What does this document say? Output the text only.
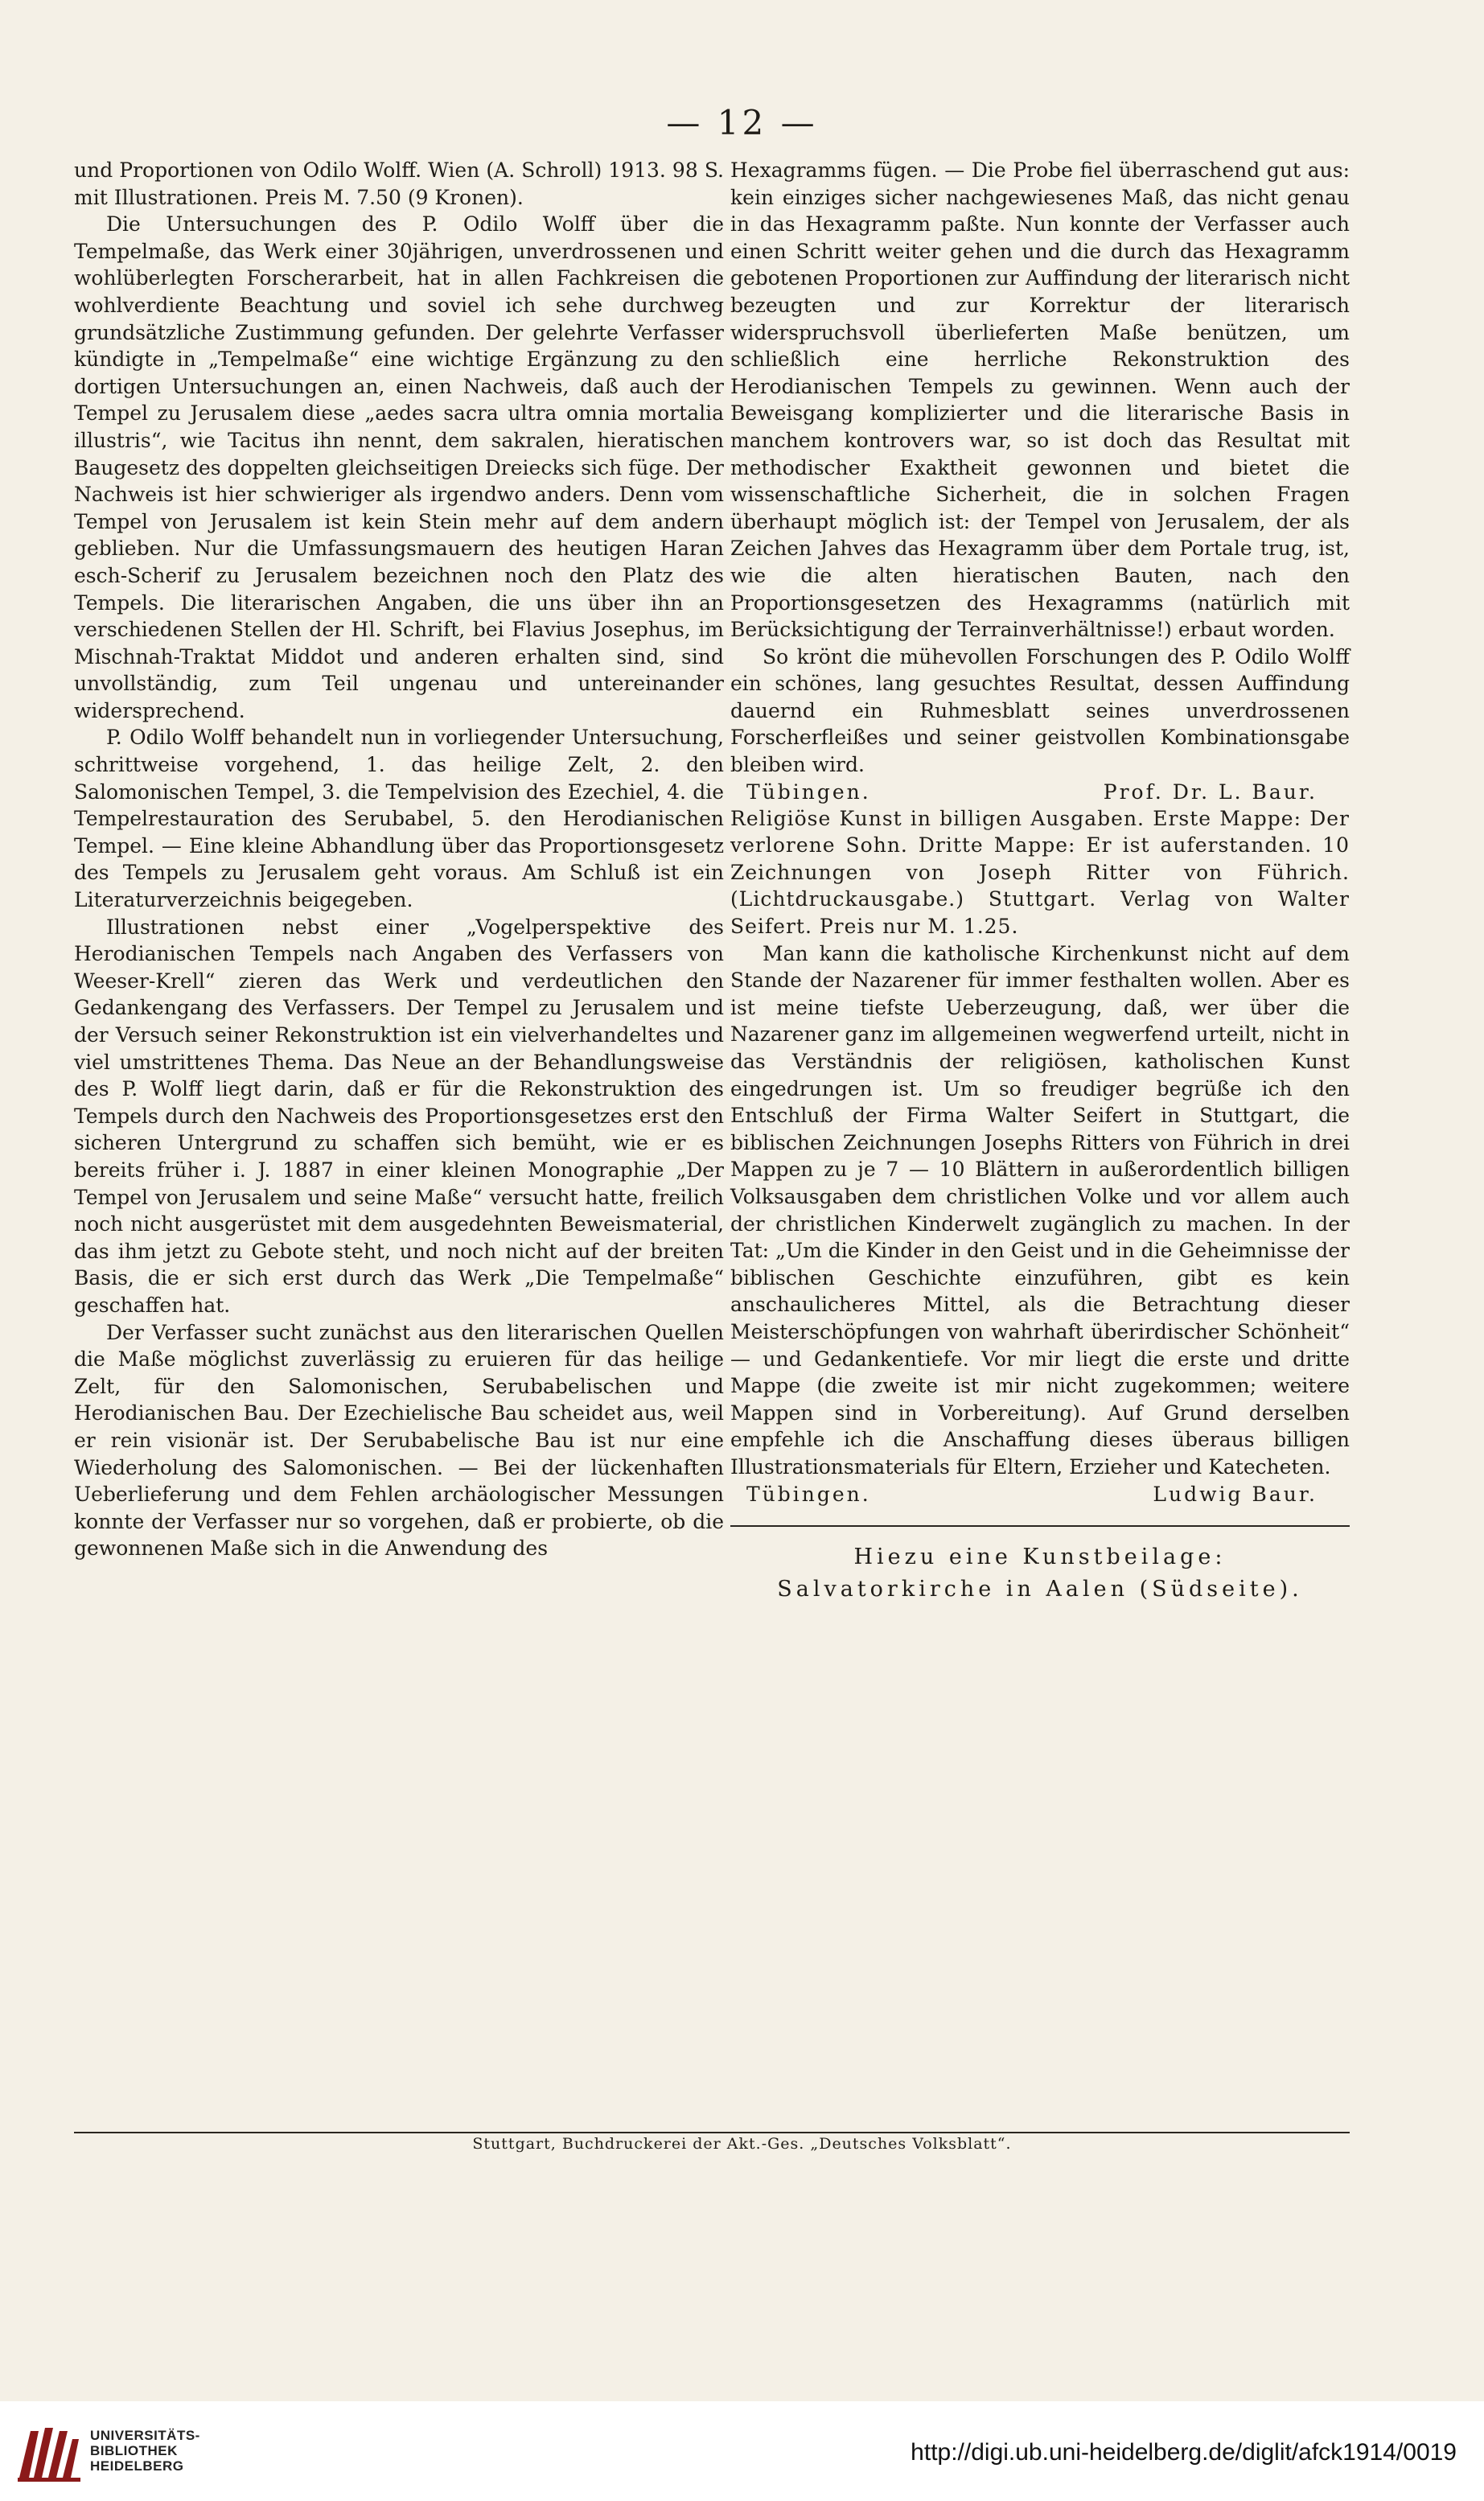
— 12 —

und Proportionen von Odilo Wolff. Wien (A. Schroll) 1913. 98 S. mit Illustrationen. Preis M. 7.50 (9 Kronen).

Die Untersuchungen des P. Odilo Wolff über die Tempelmaße, das Werk einer 30jährigen, unverdrossenen und wohlüberlegten Forscherarbeit, hat in allen Fachkreisen die wohlverdiente Beachtung und soviel ich sehe durchweg grundsätzliche Zustimmung gefunden. Der gelehrte Verfasser kündigte in „Tempelmaße“ eine wichtige Ergänzung zu den dortigen Untersuchungen an, einen Nachweis, daß auch der Tempel zu Jerusalem diese „aedes sacra ultra omnia mortalia illustris“, wie Tacitus ihn nennt, dem sakralen, hieratischen Baugesetz des doppelten gleichseitigen Dreiecks sich füge. Der Nachweis ist hier schwieriger als irgendwo anders. Denn vom Tempel von Jerusalem ist kein Stein mehr auf dem andern geblieben. Nur die Umfassungsmauern des heutigen Haran esch-Scherif zu Jerusalem bezeichnen noch den Platz des Tempels. Die literarischen Angaben, die uns über ihn an verschiedenen Stellen der Hl. Schrift, bei Flavius Josephus, im Mischnah-Traktat Middot und anderen erhalten sind, sind unvollständig, zum Teil ungenau und untereinander widersprechend.

P. Odilo Wolff behandelt nun in vorliegender Untersuchung, schrittweise vorgehend, 1. das heilige Zelt, 2. den Salomonischen Tempel, 3. die Tempelvision des Ezechiel, 4. die Tempelrestauration des Serubabel, 5. den Herodianischen Tempel. — Eine kleine Abhandlung über das Proportionsgesetz des Tempels zu Jerusalem geht voraus. Am Schluß ist ein Literaturverzeichnis beigegeben.

Illustrationen nebst einer „Vogelperspektive des Herodianischen Tempels nach Angaben des Verfassers von Weeser-Krell“ zieren das Werk und verdeutlichen den Gedankengang des Verfassers. Der Tempel zu Jerusalem und der Versuch seiner Rekonstruktion ist ein vielverhandeltes und viel umstrittenes Thema. Das Neue an der Behandlungsweise des P. Wolff liegt darin, daß er für die Rekonstruktion des Tempels durch den Nachweis des Proportionsgesetzes erst den sicheren Untergrund zu schaffen sich bemüht, wie er es bereits früher i. J. 1887 in einer kleinen Monographie „Der Tempel von Jerusalem und seine Maße“ versucht hatte, freilich noch nicht ausgerüstet mit dem ausgedehnten Beweismaterial, das ihm jetzt zu Gebote steht, und noch nicht auf der breiten Basis, die er sich erst durch das Werk „Die Tempelmaße“ geschaffen hat.

Der Verfasser sucht zunächst aus den literarischen Quellen die Maße möglichst zuverlässig zu eruieren für das heilige Zelt, für den Salomonischen, Serubabelischen und Herodianischen Bau. Der Ezechielische Bau scheidet aus, weil er rein visionär ist. Der Serubabelische Bau ist nur eine Wiederholung des Salomonischen. — Bei der lückenhaften Ueberlieferung und dem Fehlen archäologischer Messungen konnte der Verfasser nur so vorgehen, daß er probierte, ob die gewonnenen Maße sich in die Anwendung des

Hexagramms fügen. — Die Probe fiel überraschend gut aus: kein einziges sicher nachgewiesenes Maß, das nicht genau in das Hexagramm paßte. Nun konnte der Verfasser auch einen Schritt weiter gehen und die durch das Hexagramm gebotenen Proportionen zur Auffindung der literarisch nicht bezeugten und zur Korrektur der literarisch widerspruchsvoll überlieferten Maße benützen, um schließlich eine herrliche Rekonstruktion des Herodianischen Tempels zu gewinnen. Wenn auch der Beweisgang komplizierter und die literarische Basis in manchem kontrovers war, so ist doch das Resultat mit methodischer Exaktheit gewonnen und bietet die wissenschaftliche Sicherheit, die in solchen Fragen überhaupt möglich ist: der Tempel von Jerusalem, der als Zeichen Jahves das Hexagramm über dem Portale trug, ist, wie die alten hieratischen Bauten, nach den Proportionsgesetzen des Hexagramms (natürlich mit Berücksichtigung der Terrainverhältnisse!) erbaut worden.

So krönt die mühevollen Forschungen des P. Odilo Wolff ein schönes, lang gesuchtes Resultat, dessen Auffindung dauernd ein Ruhmesblatt seines unverdrossenen Forscherfleißes und seiner geistvollen Kombinationsgabe bleiben wird.

Tübingen.	Prof. Dr. L. Baur.

Religiöse Kunst in billigen Ausgaben. Erste Mappe: Der verlorene Sohn. Dritte Mappe: Er ist auferstanden. 10 Zeichnungen von Joseph Ritter von Führich. (Lichtdruckausgabe.) Stuttgart. Verlag von Walter Seifert. Preis nur M. 1.25.

Man kann die katholische Kirchenkunst nicht auf dem Stande der Nazarener für immer festhalten wollen. Aber es ist meine tiefste Ueberzeugung, daß, wer über die Nazarener ganz im allgemeinen wegwerfend urteilt, nicht in das Verständnis der religiösen, katholischen Kunst eingedrungen ist. Um so freudiger begrüße ich den Entschluß der Firma Walter Seifert in Stuttgart, die biblischen Zeichnungen Josephs Ritters von Führich in drei Mappen zu je 7 — 10 Blättern in außerordentlich billigen Volksausgaben dem christlichen Volke und vor allem auch der christlichen Kinderwelt zugänglich zu machen. In der Tat: „Um die Kinder in den Geist und in die Geheimnisse der biblischen Geschichte einzuführen, gibt es kein anschaulicheres Mittel, als die Betrachtung dieser Meisterschöpfungen von wahrhaft überirdischer Schönheit“ — und Gedankentiefe. Vor mir liegt die erste und dritte Mappe (die zweite ist mir nicht zugekommen; weitere Mappen sind in Vorbereitung). Auf Grund derselben empfehle ich die Anschaffung dieses überaus billigen Illustrationsmaterials für Eltern, Erzieher und Katecheten.

Tübingen.	Ludwig Baur.
Hiezu eine Kunstbeilage:
Salvatorkirche in Aalen (Südseite).
Stuttgart, Buchdruckerei der Akt.-Ges. „Deutsches Volksblatt“.
UNIVERSITÄTS-
BIBLIOTHEK
HEIDELBERG
http://digi.ub.uni-heidelberg.de/diglit/afck1914/0019
